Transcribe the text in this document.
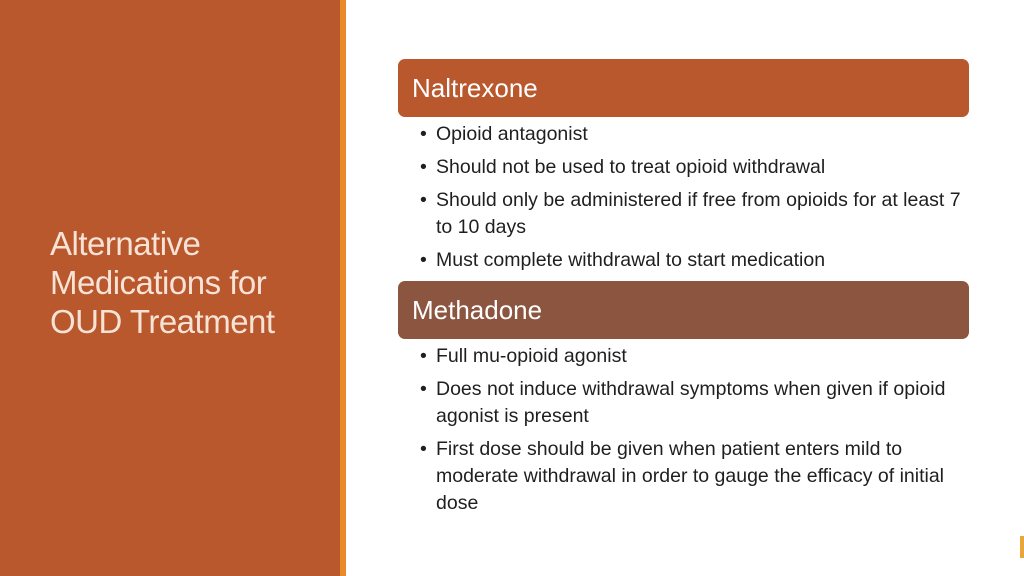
Alternative
Medications for
OUD Treatment
Naltrexone
• Opioid antagonist
• Should not be used to treat opioid withdrawal
• Should only be administered if free from opioids for at least 7 to 10 days
• Must complete withdrawal to start medication
Methadone
• Full mu-opioid agonist
• Does not induce withdrawal symptoms when given if opioid agonist is present
• First dose should be given when patient enters mild to moderate withdrawal in order to gauge the efficacy of initial dose
